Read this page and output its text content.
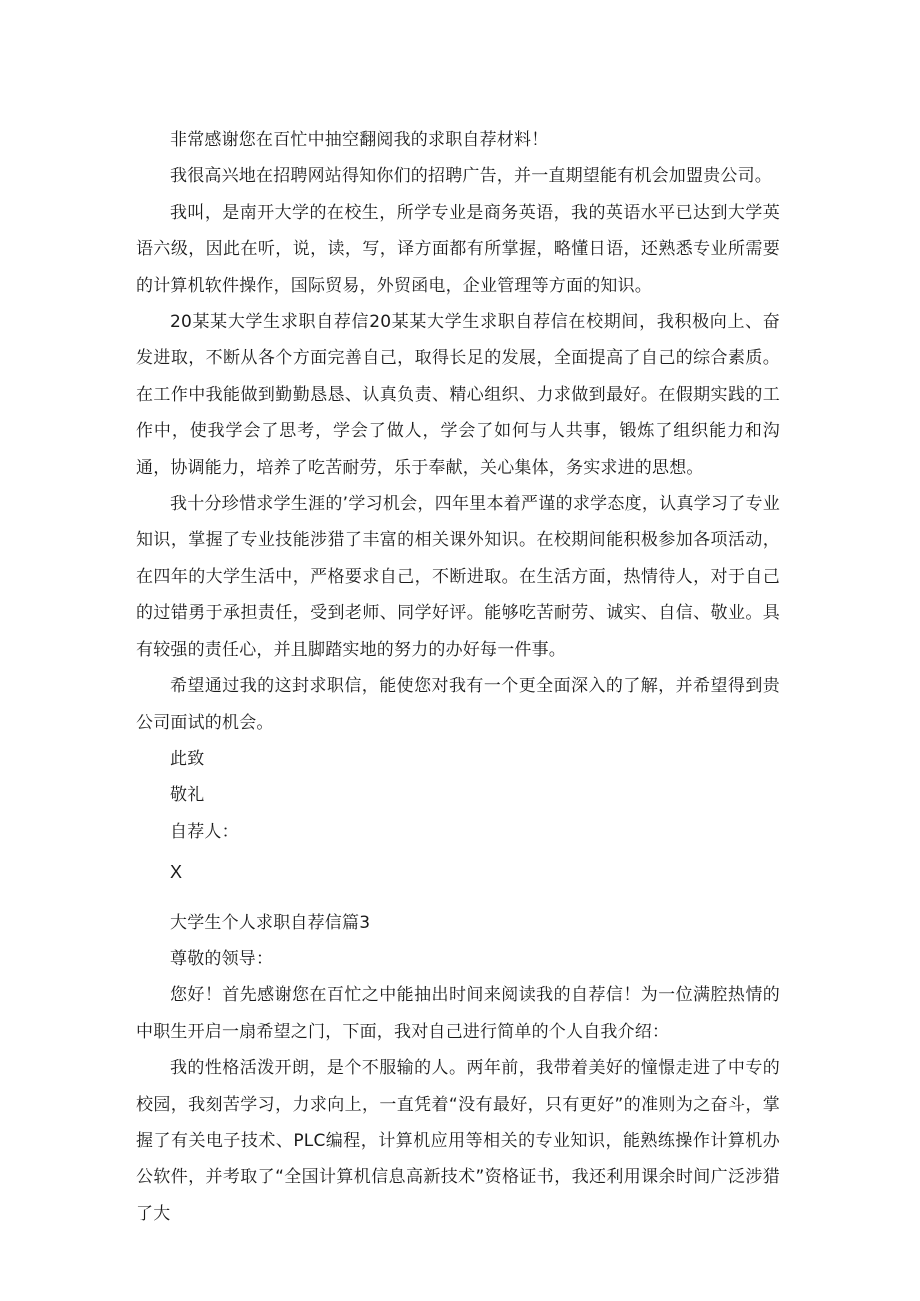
非常感谢您在百忙中抽空翻阅我的求职自荐材料！

我很高兴地在招聘网站得知你们的招聘广告，并一直期望能有机会加盟贵公司。

我叫，是南开大学的在校生，所学专业是商务英语，我的英语水平已达到大学英语六级，因此在听，说，读，写，译方面都有所掌握，略懂日语，还熟悉专业所需要的计算机软件操作，国际贸易，外贸函电，企业管理等方面的知识。

20某某大学生求职自荐信20某某大学生求职自荐信在校期间，我积极向上、奋发进取，不断从各个方面完善自己，取得长足的发展，全面提高了自己的综合素质。在工作中我能做到勤勤恳恳、认真负责、精心组织、力求做到最好。在假期实践的工作中，使我学会了思考，学会了做人，学会了如何与人共事，锻炼了组织能力和沟通，协调能力，培养了吃苦耐劳，乐于奉献，关心集体，务实求进的思想。

我十分珍惜求学生涯的’学习机会，四年里本着严谨的求学态度，认真学习了专业知识，掌握了专业技能涉猎了丰富的相关课外知识。在校期间能积极参加各项活动，在四年的大学生活中，严格要求自己，不断进取。在生活方面，热情待人，对于自己的过错勇于承担责任，受到老师、同学好评。能够吃苦耐劳、诚实、自信、敬业。具有较强的责任心，并且脚踏实地的努力的办好每一件事。

希望通过我的这封求职信，能使您对我有一个更全面深入的了解，并希望得到贵公司面试的机会。

此致

敬礼

自荐人：

X

大学生个人求职自荐信篇3

尊敬的领导：

您好！首先感谢您在百忙之中能抽出时间来阅读我的自荐信！为一位满腔热情的中职生开启一扇希望之门，下面，我对自己进行简单的个人自我介绍：

我的性格活泼开朗，是个不服输的人。两年前，我带着美好的憧憬走进了中专的校园，我刻苦学习，力求向上，一直凭着“没有最好，只有更好”的准则为之奋斗，掌握了有关电子技术、PLC编程，计算机应用等相关的专业知识，能熟练操作计算机办公软件，并考取了“全国计算机信息高新技术”资格证书，我还利用课余时间广泛涉猎了大
